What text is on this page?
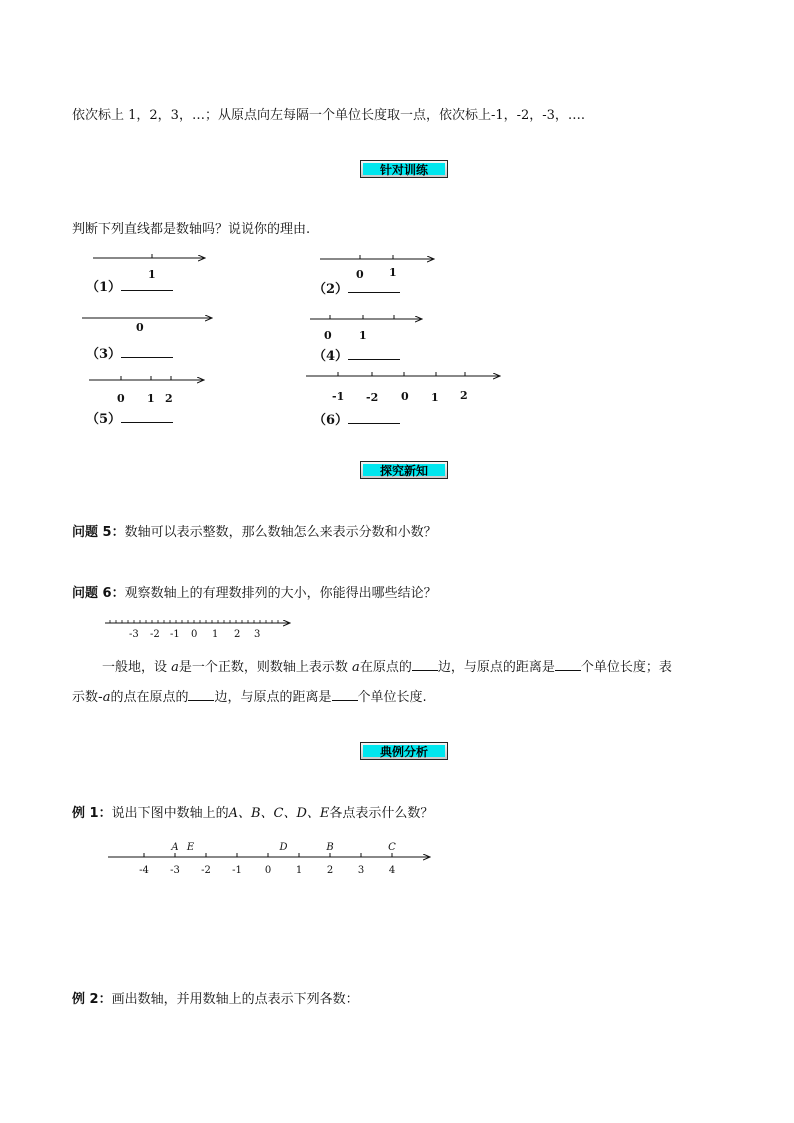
依次标上 1，2，3，…；从原点向左每隔一个单位长度取一点，依次标上-1，-2，-3，….
针对训练
判断下列直线都是数轴吗？说说你的理由.
1	0 1
0
0 1
0 1 2	-1 -2 0 1 2
（1）	（2）
（3）	（4）
（5）	（6）
探究新知
问题 5：数轴可以表示整数，那么数轴怎么来表示分数和小数？
问题 6：观察数轴上的有理数排列的大小，你能得出哪些结论？
-3 -2 -1 0 1 2 3
一般地，设 a是一个正数，则数轴上表示数 a在原点的 边，与原点的距离是 个单位长度；表
示数-a的点在原点的 边，与原点的距离是 个单位长度.
典例分析
例 1：说出下图中数轴上的A、B、C、D、E各点表示什么数？
-4 -3 -2 -1 0 1 2 3 4
A E	D	B	C
例 2：画出数轴，并用数轴上的点表示下列各数：
